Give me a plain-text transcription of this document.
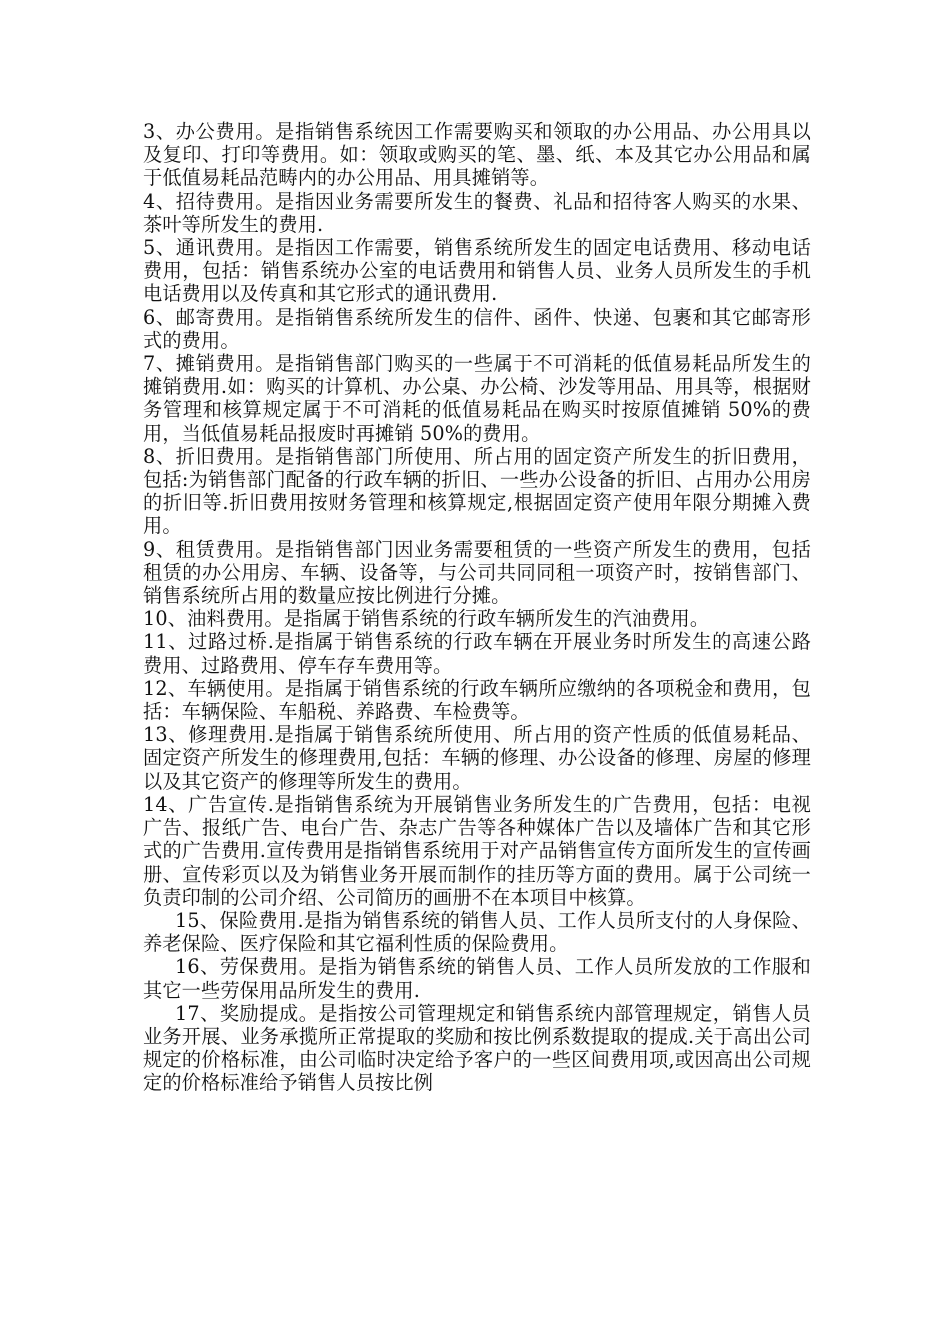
3、办公费用。是指销售系统因工作需要购买和领取的办公用品、办公用具以及复印、打印等费用。如：领取或购买的笔、墨、纸、本及其它办公用品和属于低值易耗品范畴内的办公用品、用具摊销等。

4、招待费用。是指因业务需要所发生的餐费、礼品和招待客人购买的水果、茶叶等所发生的费用.

5、通讯费用。是指因工作需要，销售系统所发生的固定电话费用、移动电话费用，包括：销售系统办公室的电话费用和销售人员、业务人员所发生的手机电话费用以及传真和其它形式的通讯费用.

6、邮寄费用。是指销售系统所发生的信件、函件、快递、包裹和其它邮寄形式的费用。

7、摊销费用。是指销售部门购买的一些属于不可消耗的低值易耗品所发生的摊销费用.如：购买的计算机、办公桌、办公椅、沙发等用品、用具等，根据财务管理和核算规定属于不可消耗的低值易耗品在购买时按原值摊销 50%的费用，当低值易耗品报废时再摊销 50%的费用。

8、折旧费用。是指销售部门所使用、所占用的固定资产所发生的折旧费用，包括:为销售部门配备的行政车辆的折旧、一些办公设备的折旧、占用办公用房的折旧等.折旧费用按财务管理和核算规定,根据固定资产使用年限分期摊入费用。

9、租赁费用。是指销售部门因业务需要租赁的一些资产所发生的费用，包括租赁的办公用房、车辆、设备等，与公司共同同租一项资产时，按销售部门、销售系统所占用的数量应按比例进行分摊。

10、油料费用。是指属于销售系统的行政车辆所发生的汽油费用。

11、过路过桥.是指属于销售系统的行政车辆在开展业务时所发生的高速公路费用、过路费用、停车存车费用等。

12、车辆使用。是指属于销售系统的行政车辆所应缴纳的各项税金和费用，包括：车辆保险、车船税、养路费、车检费等。

13、修理费用.是指属于销售系统所使用、所占用的资产性质的低值易耗品、固定资产所发生的修理费用,包括：车辆的修理、办公设备的修理、房屋的修理以及其它资产的修理等所发生的费用。

14、广告宣传.是指销售系统为开展销售业务所发生的广告费用，包括：电视广告、报纸广告、电台广告、杂志广告等各种媒体广告以及墙体广告和其它形式的广告费用.宣传费用是指销售系统用于对产品销售宣传方面所发生的宣传画册、宣传彩页以及为销售业务开展而制作的挂历等方面的费用。属于公司统一负责印制的公司介绍、公司简历的画册不在本项目中核算。

15、保险费用.是指为销售系统的销售人员、工作人员所支付的人身保险、养老保险、医疗保险和其它福利性质的保险费用。

16、劳保费用。是指为销售系统的销售人员、工作人员所发放的工作服和其它一些劳保用品所发生的费用.

17、奖励提成。是指按公司管理规定和销售系统内部管理规定，销售人员业务开展、业务承揽所正常提取的奖励和按比例系数提取的提成.关于高出公司规定的价格标准，由公司临时决定给予客户的一些区间费用项,或因高出公司规定的价格标准给予销售人员按比例
